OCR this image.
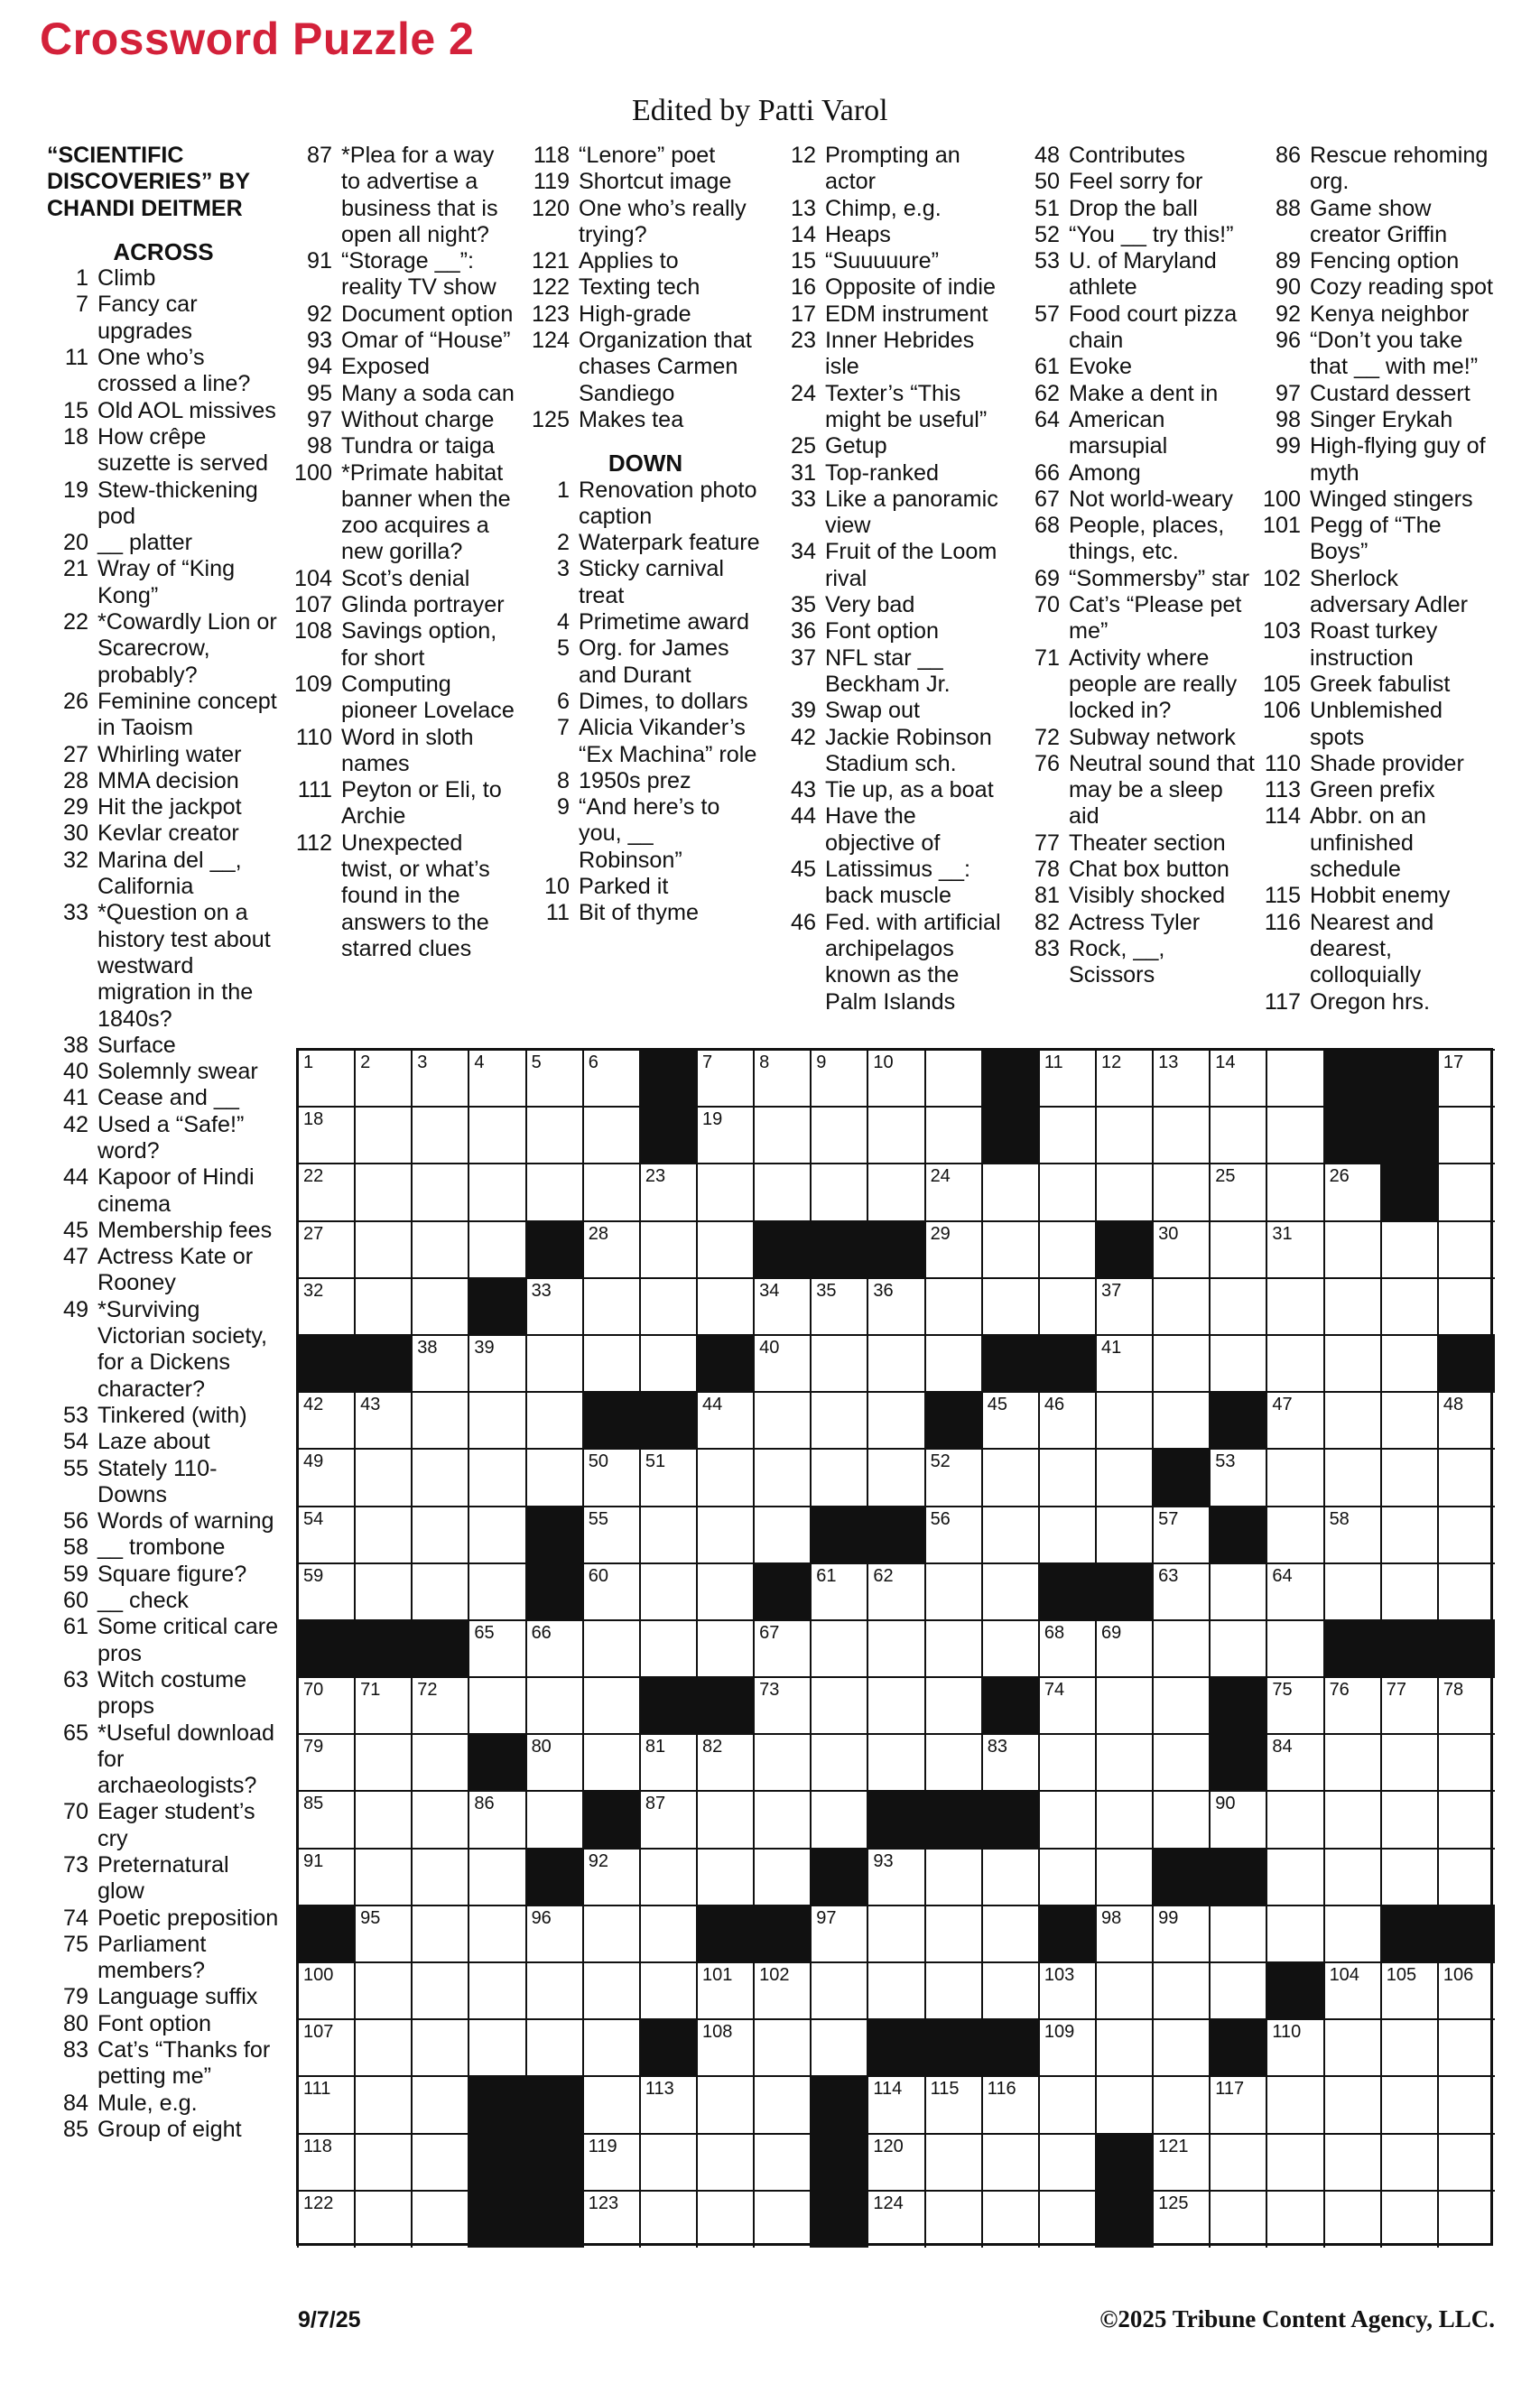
Crossword Puzzle 2
Edited by Patti Varol
“SCIENTIFIC DISCOVERIES” BY CHANDI DEITMER
ACROSS
1 Climb
7 Fancy car upgrades
11 One who’s crossed a line?
15 Old AOL missives
18 How crêpe suzette is served
19 Stew-thickening pod
20 __ platter
21 Wray of “King Kong”
22 *Cowardly Lion or Scarecrow, probably?
26 Feminine concept in Taoism
27 Whirling water
28 MMA decision
29 Hit the jackpot
30 Kevlar creator
32 Marina del __, California
33 *Question on a history test about westward migration in the 1840s?
38 Surface
40 Solemnly swear
41 Cease and __
42 Used a “Safe!” word?
44 Kapoor of Hindi cinema
45 Membership fees
47 Actress Kate or Rooney
49 *Surviving Victorian society, for a Dickens character?
53 Tinkered (with)
54 Laze about
55 Stately 110-Downs
56 Words of warning
58 __ trombone
59 Square figure?
60 __ check
61 Some critical care pros
63 Witch costume props
65 *Useful download for archaeologists?
70 Eager student’s cry
73 Preternatural glow
74 Poetic preposition
75 Parliament members?
79 Language suffix
80 Font option
83 Cat’s “Thanks for petting me”
84 Mule, e.g.
85 Group of eight
87 *Plea for a way to advertise a business that is open all night?
91 “Storage __”: reality TV show
92 Document option
93 Omar of “House”
94 Exposed
95 Many a soda can
97 Without charge
98 Tundra or taiga
100 *Primate habitat banner when the zoo acquires a new gorilla?
104 Scot’s denial
107 Glinda portrayer
108 Savings option, for short
109 Computing pioneer Lovelace
110 Word in sloth names
111 Peyton or Eli, to Archie
112 Unexpected twist, or what’s found in the answers to the starred clues
118 “Lenore” poet
119 Shortcut image
120 One who’s really trying?
121 Applies to
122 Texting tech
123 High-grade
124 Organization that chases Carmen Sandiego
125 Makes tea
DOWN
1 Renovation photo caption
2 Waterpark feature
3 Sticky carnival treat
4 Primetime award
5 Org. for James and Durant
6 Dimes, to dollars
7 Alicia Vikander’s “Ex Machina” role
8 1950s prez
9 “And here’s to you, __ Robinson”
10 Parked it
11 Bit of thyme
12 Prompting an actor
13 Chimp, e.g.
14 Heaps
15 “Suuuuure”
16 Opposite of indie
17 EDM instrument
23 Inner Hebrides isle
24 Texter’s “This might be useful”
25 Getup
31 Top-ranked
33 Like a panoramic view
34 Fruit of the Loom rival
35 Very bad
36 Font option
37 NFL star __ Beckham Jr.
39 Swap out
42 Jackie Robinson Stadium sch.
43 Tie up, as a boat
44 Have the objective of
45 Latissimus __: back muscle
46 Fed. with artificial archipelagos known as the Palm Islands
48 Contributes
50 Feel sorry for
51 Drop the ball
52 “You __ try this!”
53 U. of Maryland athlete
57 Food court pizza chain
61 Evoke
62 Make a dent in
64 American marsupial
66 Among
67 Not world-weary
68 People, places, things, etc.
69 “Sommersby” star
70 Cat’s “Please pet me”
71 Activity where people are really locked in?
72 Subway network
76 Neutral sound that may be a sleep aid
77 Theater section
78 Chat box button
81 Visibly shocked
82 Actress Tyler
83 Rock, __, Scissors
86 Rescue rehoming org.
88 Game show creator Griffin
89 Fencing option
90 Cozy reading spot
92 Kenya neighbor
96 “Don’t you take that __ with me!”
97 Custard dessert
98 Singer Erykah
99 High-flying guy of myth
100 Winged stingers
101 Pegg of “The Boys”
102 Sherlock adversary Adler
103 Roast turkey instruction
105 Greek fabulist
106 Unblemished spots
110 Shade provider
113 Green prefix
114 Abbr. on an unfinished schedule
115 Hobbit enemy
116 Nearest and dearest, colloquially
117 Oregon hrs.
1	2	3	4	5	6	7	8	9	10	11 12 13 14	17
18	19
22	23	24	25	26
27	28	29	30	31
32	33	34 35 36	37
38 39	40	41
42 43	44	45 46	47	48
49	50 51	52	53
54	55	56	57	58
59	60	61 62	63	64
65 66	67	68 69
70 71 72	73	74	75 76 77 78
79	80	81 82	83	84
85	86	87	90
91	92	93
95	96	97	98 99
100	101 102	103	104 105 106
107	108	109	110
111	113	114 115 116	117
118	119	120	121
122	123	124	125
9/7/25	©2025 Tribune Content Agency, LLC.
